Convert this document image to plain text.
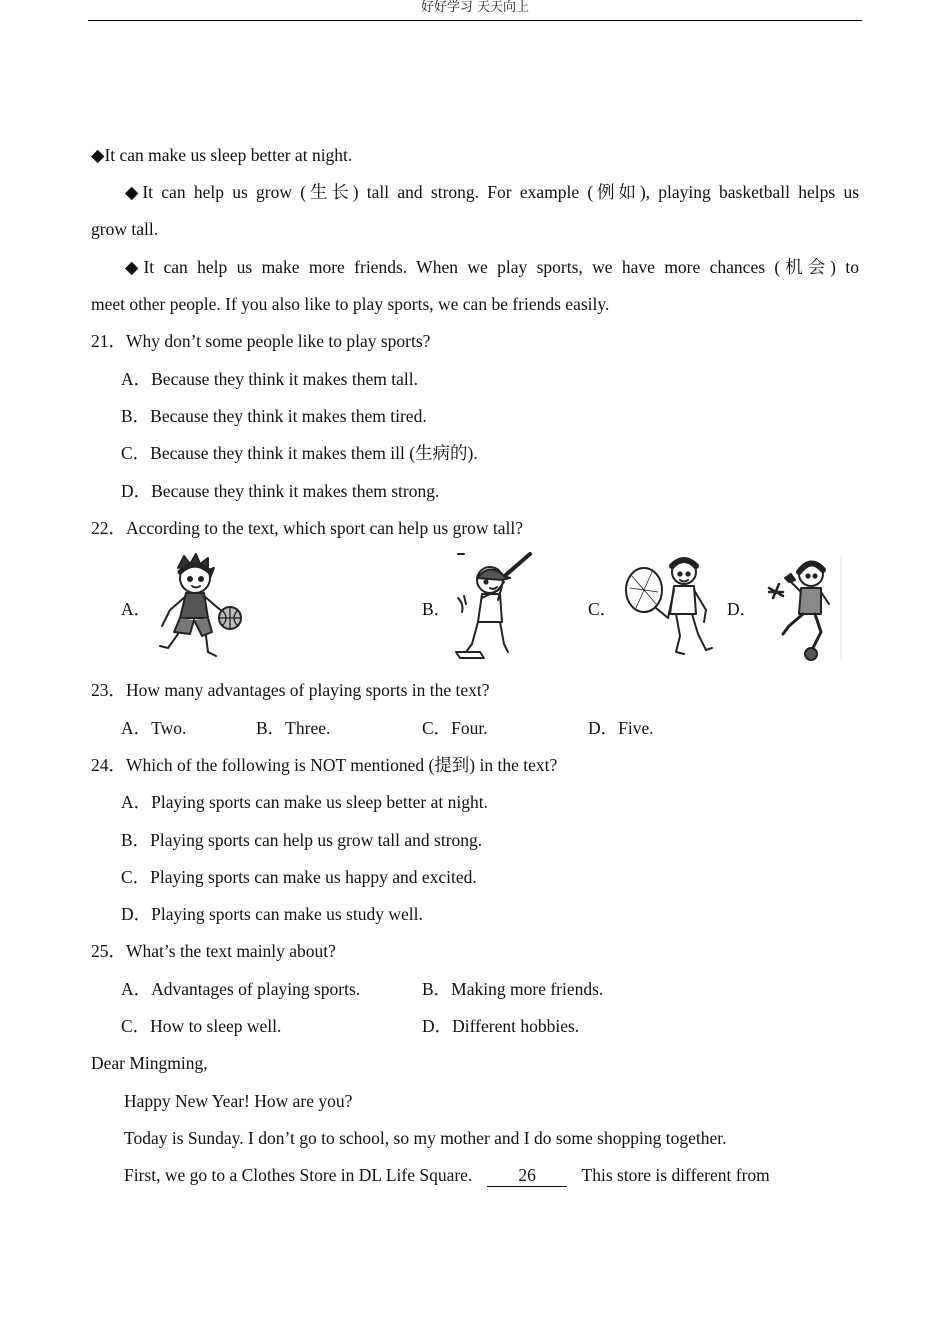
好好学习 天天向上
◆It can make us sleep better at night.
◆It can help us grow (生长) tall and strong. For example (例如), playing basketball helps us
grow tall.
◆It can help us make more friends. When we play sports, we have more chances (机会) to
meet other people. If you also like to play sports, we can be friends easily.
21．Why don’t some people like to play sports?
A．Because they think it makes them tall.
B．Because they think it makes them tired.
C．Because they think it makes them ill (生病的).
D．Because they think it makes them strong.
22．According to the text, which sport can help us grow tall?
A．	B．	C．	D．
23．How many advantages of playing sports in the text?
A．Two.	B．Three.	C．Four.	D．Five.
24．Which of the following is NOT mentioned (提到) in the text?
A．Playing sports can make us sleep better at night.
B．Playing sports can help us grow tall and strong.
C．Playing sports can make us happy and excited.
D．Playing sports can make us study well.
25．What’s the text mainly about?
A．Advantages of playing sports.	B．Making more friends.
C．How to sleep well.	D．Different hobbies.
Dear Mingming,
Happy New Year! How are you?
Today is Sunday. I don’t go to school, so my mother and I do some shopping together.
First, we go to a Clothes Store in DL Life Square.	26	This store is different from
